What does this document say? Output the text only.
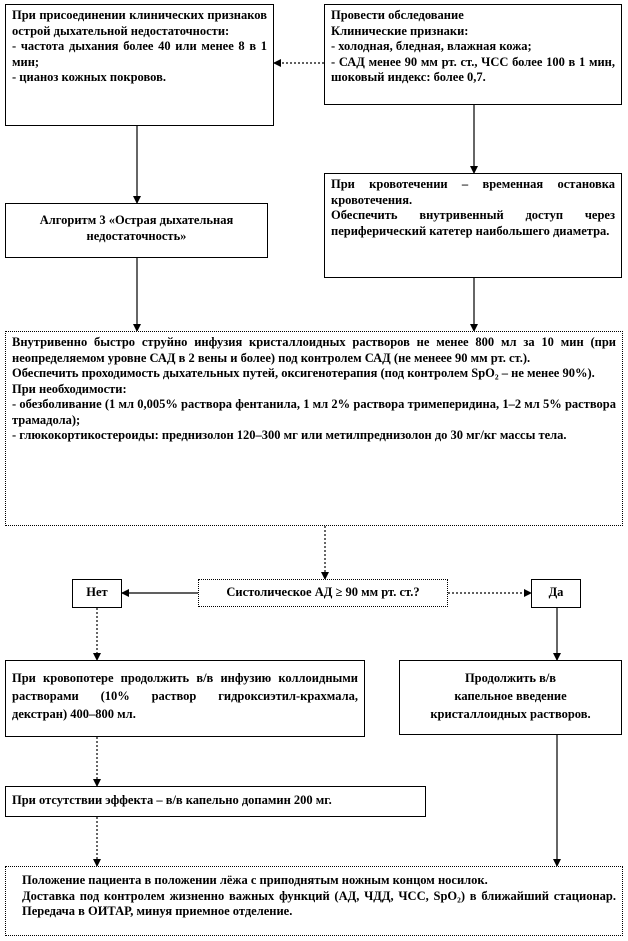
При присоединении клинических признаков острой дыхательной недостаточности:
- частота дыхания более 40 или менее 8 в 1 мин;
- цианоз кожных покровов.
Провести обследование
Клинические признаки:
- холодная, бледная, влажная кожа;
- САД менее 90 мм рт. ст., ЧСС более 100 в 1 мин, шоковый индекс: более 0,7.
Алгоритм 3 «Острая дыхательная недостаточность»
При кровотечении – временная остановка кровотечения.
Обеспечить внутривенный доступ через периферический катетер наибольшего диаметра.
Внутривенно быстро струйно инфузия кристаллоидных растворов не менее 800 мл за 10 мин (при неопределяемом уровне САД в 2 вены и более) под контролем САД (не менеее 90 мм рт. ст.).
Обеспечить проходимость дыхательных путей, оксигенотерапия (под контролем SpO₂ – не менее 90%).
При необходимости:
- обезболивание (1 мл 0,005% раствора фентанила, 1 мл 2% раствора тримеперидина, 1–2 мл 5% раствора трамадола);
- глюкокортикостероиды: преднизолон 120–300 мг или метилпреднизолон до 30 мг/кг массы тела.
Систолическое АД ≥ 90 мм рт. ст.?
Нет	Да
При кровопотере продолжить в/в инфузию коллоидными растворами (10% раствор гидроксиэтил-крахмала, декстран) 400–800 мл.
Продолжить в/в
капельное введение
кристаллоидных растворов.
При отсутствии эффекта – в/в капельно допамин 200 мг.
Положение пациента в положении лёжа с приподнятым ножным концом носилок.
Доставка под контролем жизненно важных функций (АД, ЧДД, ЧСС, SpO₂) в ближайший стационар. Передача в ОИТАР, минуя приемное отделение.
